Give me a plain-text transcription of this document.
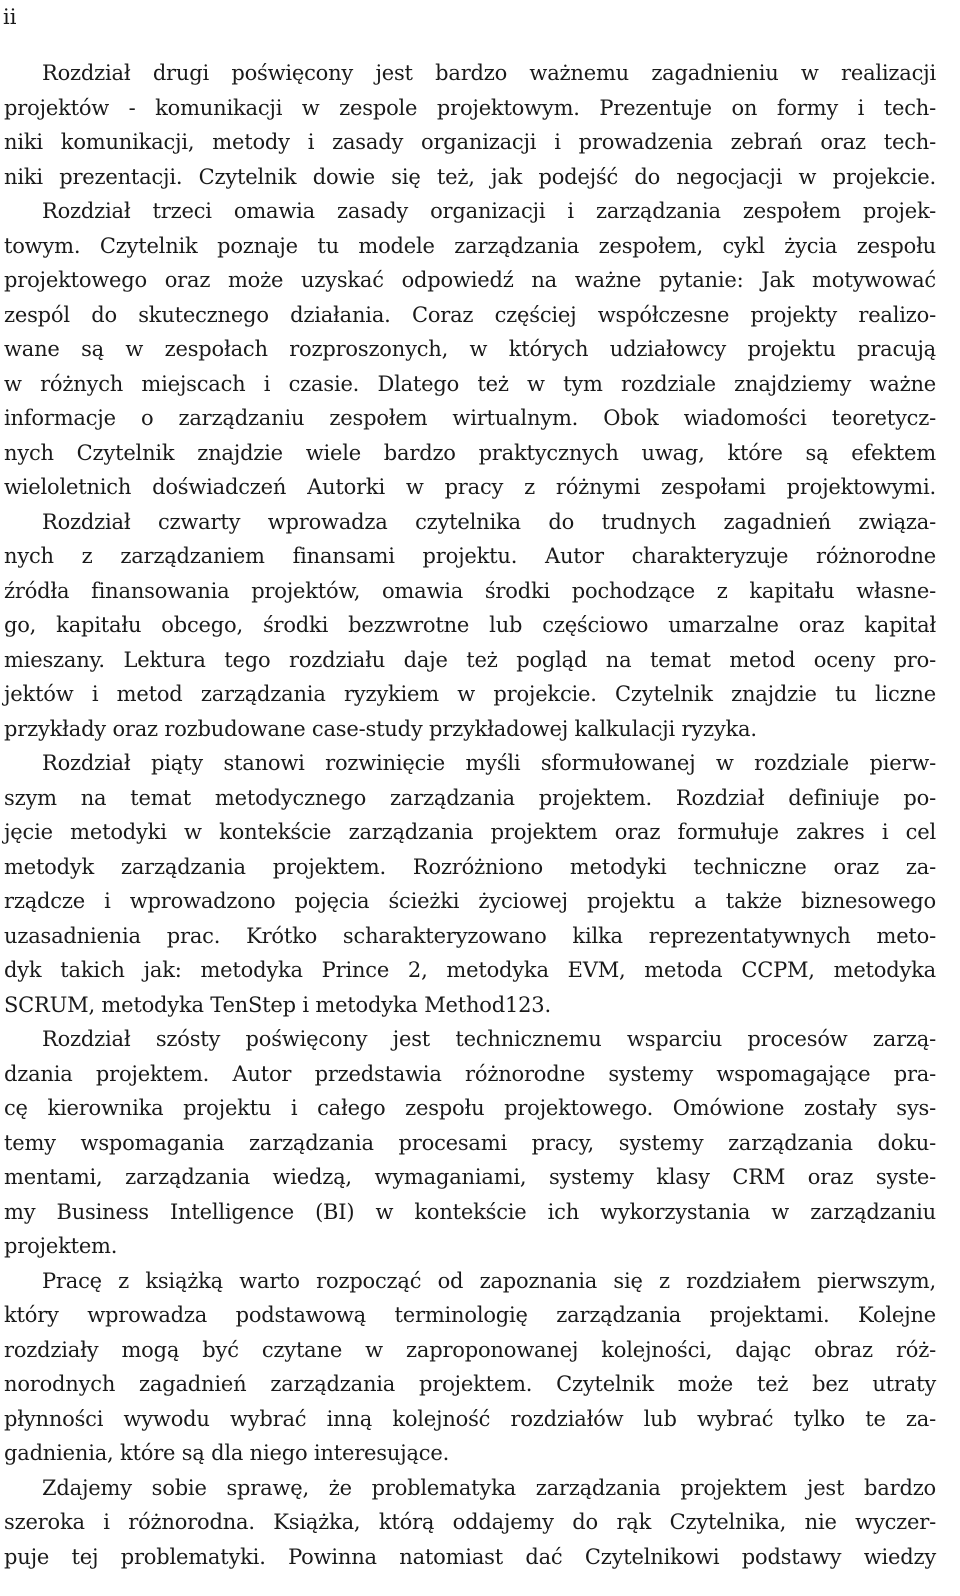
ii
Rozdział drugi poświęcony jest bardzo ważnemu zagadnieniu w realizacji
projektów - komunikacji w zespole projektowym. Prezentuje on formy i tech-
niki komunikacji, metody i zasady organizacji i prowadzenia zebrań oraz tech-
niki prezentacji. Czytelnik dowie się też, jak podejść do negocjacji w projekcie.
Rozdział trzeci omawia zasady organizacji i zarządzania zespołem projek-
towym. Czytelnik poznaje tu modele zarządzania zespołem, cykl życia zespołu
projektowego oraz może uzyskać odpowiedź na ważne pytanie: Jak motywować
zespól do skutecznego działania. Coraz częściej współczesne projekty realizo-
wane są w zespołach rozproszonych, w których udziałowcy projektu pracują
w różnych miejscach i czasie. Dlatego też w tym rozdziale znajdziemy ważne
informacje o zarządzaniu zespołem wirtualnym. Obok wiadomości teoretycz-
nych Czytelnik znajdzie wiele bardzo praktycznych uwag, które są efektem
wieloletnich doświadczeń Autorki w pracy z różnymi zespołami projektowymi.
Rozdział czwarty wprowadza czytelnika do trudnych zagadnień związa-
nych z zarządzaniem finansami projektu. Autor charakteryzuje różnorodne
źródła finansowania projektów, omawia środki pochodzące z kapitału własne-
go, kapitału obcego, środki bezzwrotne lub częściowo umarzalne oraz kapitał
mieszany. Lektura tego rozdziału daje też pogląd na temat metod oceny pro-
jektów i metod zarządzania ryzykiem w projekcie. Czytelnik znajdzie tu liczne
przykłady oraz rozbudowane case-study przykładowej kalkulacji ryzyka.
Rozdział piąty stanowi rozwinięcie myśli sformułowanej w rozdziale pierw-
szym na temat metodycznego zarządzania projektem. Rozdział definiuje po-
jęcie metodyki w kontekście zarządzania projektem oraz formułuje zakres i cel
metodyk zarządzania projektem. Rozróżniono metodyki techniczne oraz za-
rządcze i wprowadzono pojęcia ścieżki życiowej projektu a także biznesowego
uzasadnienia prac. Krótko scharakteryzowano kilka reprezentatywnych meto-
dyk takich jak: metodyka Prince 2, metodyka EVM, metoda CCPM, metodyka
SCRUM, metodyka TenStep i metodyka Method123.
Rozdział szósty poświęcony jest technicznemu wsparciu procesów zarzą-
dzania projektem. Autor przedstawia różnorodne systemy wspomagające pra-
cę kierownika projektu i całego zespołu projektowego. Omówione zostały sys-
temy wspomagania zarządzania procesami pracy, systemy zarządzania doku-
mentami, zarządzania wiedzą, wymaganiami, systemy klasy CRM oraz syste-
my Business Intelligence (BI) w kontekście ich wykorzystania w zarządzaniu
projektem.
Pracę z książką warto rozpocząć od zapoznania się z rozdziałem pierwszym,
który wprowadza podstawową terminologię zarządzania projektami. Kolejne
rozdziały mogą być czytane w zaproponowanej kolejności, dając obraz róż-
norodnych zagadnień zarządzania projektem. Czytelnik może też bez utraty
płynności wywodu wybrać inną kolejność rozdziałów lub wybrać tylko te za-
gadnienia, które są dla niego interesujące.
Zdajemy sobie sprawę, że problematyka zarządzania projektem jest bardzo
szeroka i różnorodna. Książka, którą oddajemy do rąk Czytelnika, nie wyczer-
puje tej problematyki. Powinna natomiast dać Czytelnikowi podstawy wiedzy
